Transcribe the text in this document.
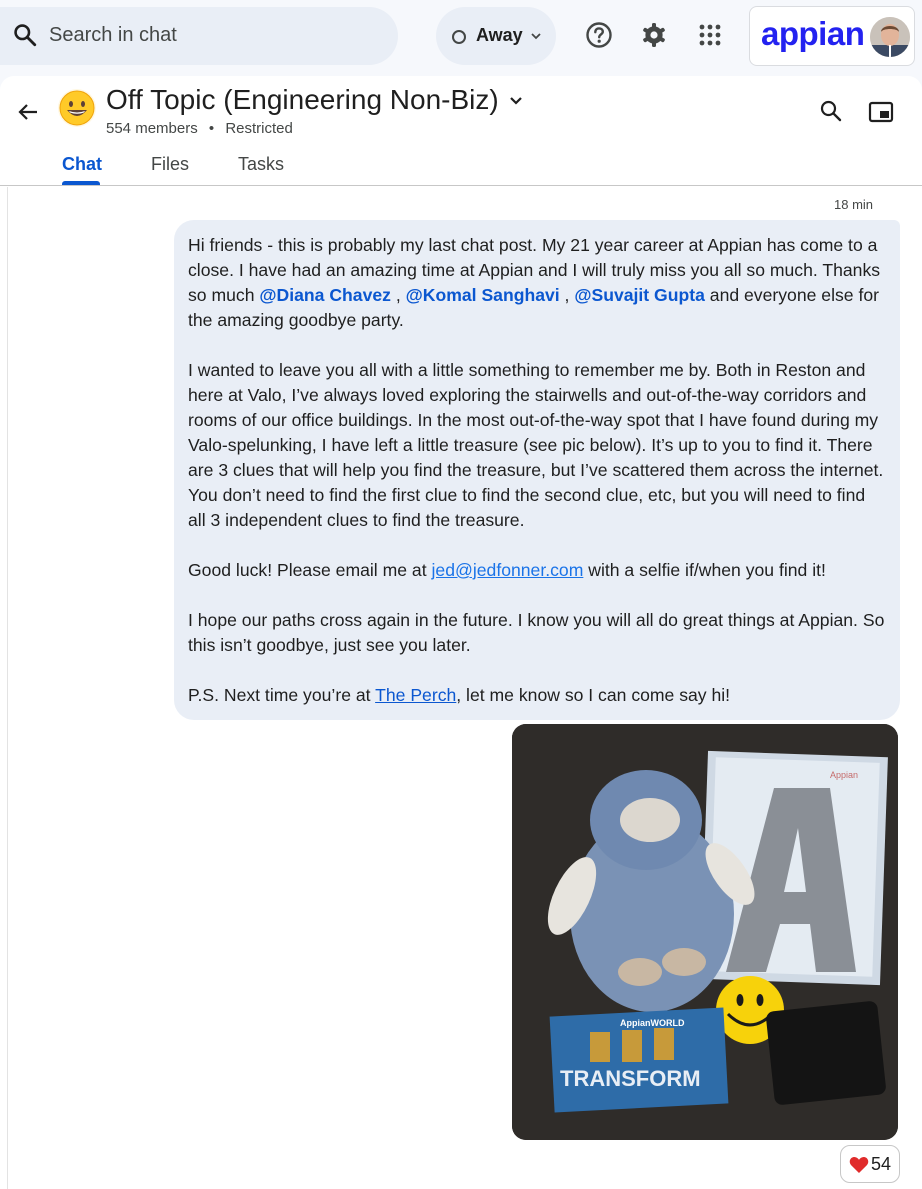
Search in chat	Away	appian
Off Topic (Engineering Non-Biz)
554 members • Restricted
Chat	Files	Tasks
18 min

Hi friends - this is probably my last chat post. My 21 year career at Appian has come to a close. I have had an amazing time at Appian and I will truly miss you all so much. Thanks so much @Diana Chavez , @Komal Sanghavi , @Suvajit Gupta and everyone else for the amazing goodbye party.

I wanted to leave you all with a little something to remember me by. Both in Reston and here at Valo, I’ve always loved exploring the stairwells and out-of-the-way corridors and rooms of our office buildings. In the most out-of-the-way spot that I have found during my Valo-spelunking, I have left a little treasure (see pic below). It’s up to you to find it. There are 3 clues that will help you find the treasure, but I’ve scattered them across the internet. You don’t need to find the first clue to find the second clue, etc, but you will need to find all 3 independent clues to find the treasure.

Good luck! Please email me at jed@jedfonner.com with a selfie if/when you find it!

I hope our paths cross again in the future. I know you will all do great things at Appian. So this isn’t goodbye, just see you later.

P.S. Next time you’re at The Perch, let me know so I can come say hi!

Appian
AppianWORLD
TRANSFORM
54
